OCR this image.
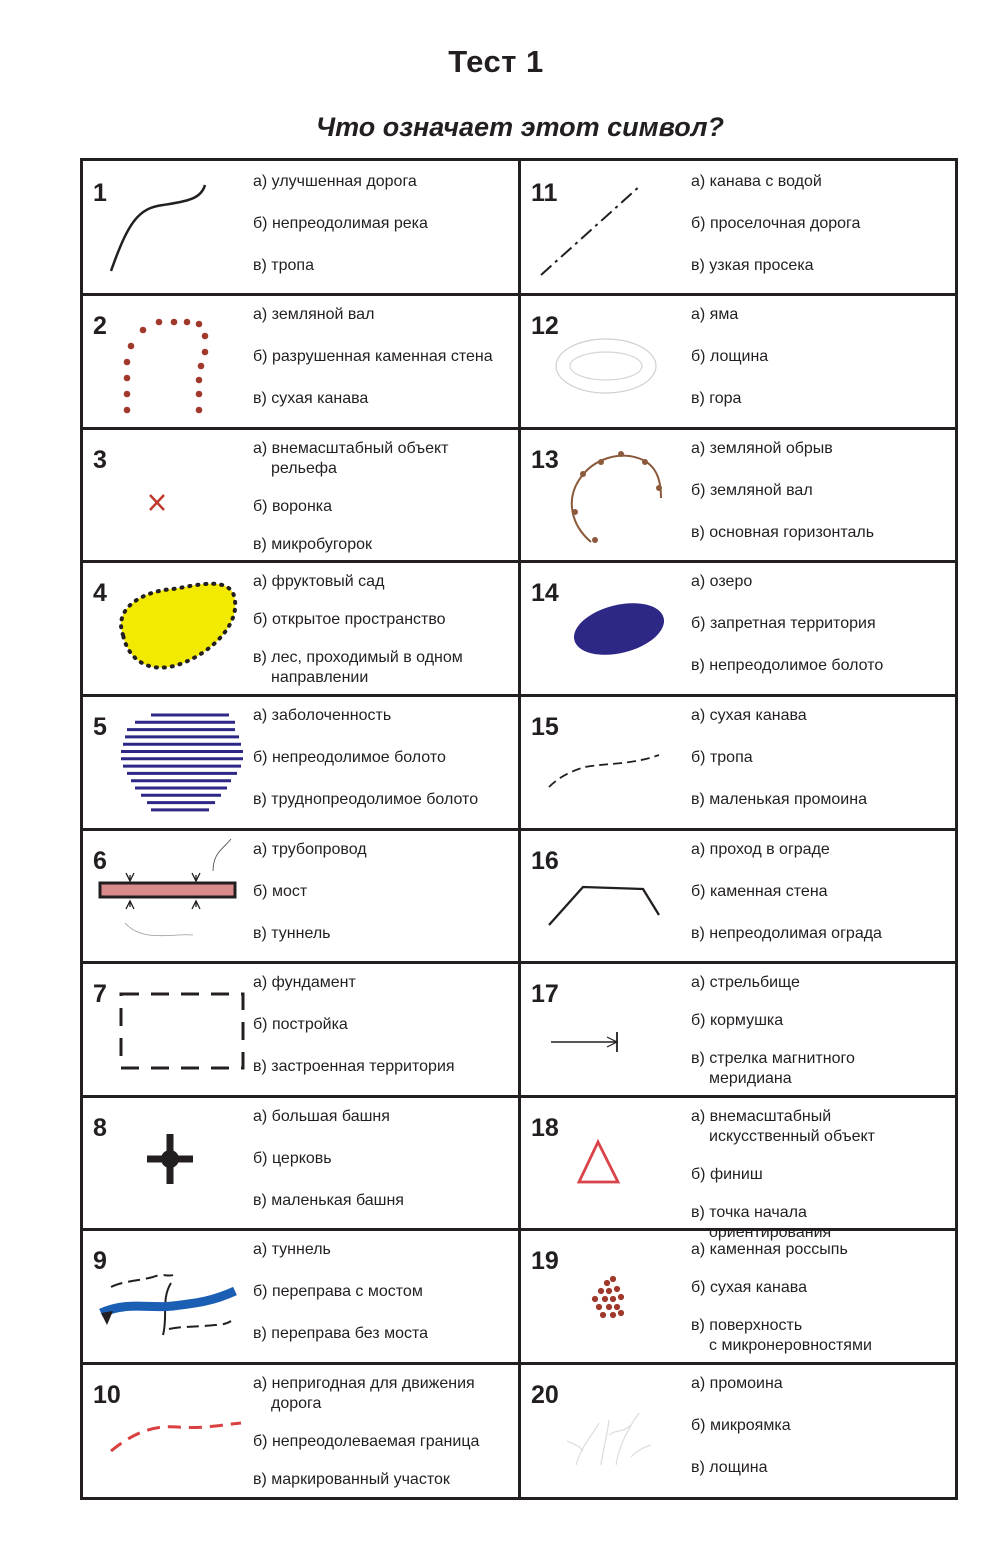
Тест 1
Что означает этот символ?
1	а) улучшенная дорога
б) непреодолимая река
в) тропа
2	а) земляной вал
б) разрушенная каменная стена
в) сухая канава
3	а) внемасштабный объект
рельефа
б) воронка
в) микробугорок
4	а) фруктовый сад
б) открытое пространство
в) лес, проходимый в одном
направлении
5	а) заболоченность
б) непреодолимое болото
в) труднопреодолимое болото
6	а) трубопровод
б) мост
в) туннель
7	а) фундамент
б) постройка
в) застроенная территория
8	а) большая башня
б) церковь
в) маленькая башня
9	а) туннель
б) переправа с мостом
в) переправа без моста
10	а) непригодная для движения
дорога
б) непреодолеваемая граница
в) маркированный участок
11	а) канава с водой
б) проселочная дорога
в) узкая просека
12	а) яма
б) лощина
в) гора
13	а) земляной обрыв
б) земляной вал
в) основная горизонталь
14	а) озеро
б) запретная территория
в) непреодолимое болото
15	а) сухая канава
б) тропа
в) маленькая промоина
16	а) проход в ограде
б) каменная стена
в) непреодолимая ограда
17	а) стрельбище
б) кормушка
в) стрелка магнитного
меридиана
18	а) внемасштабный
искусственный объект
б) финиш
в) точка начала
ориентирования
19	а) каменная россыпь
б) сухая канава
в) поверхность
с микронеровностями
20	а) промоина
б) микроямка
в) лощина
